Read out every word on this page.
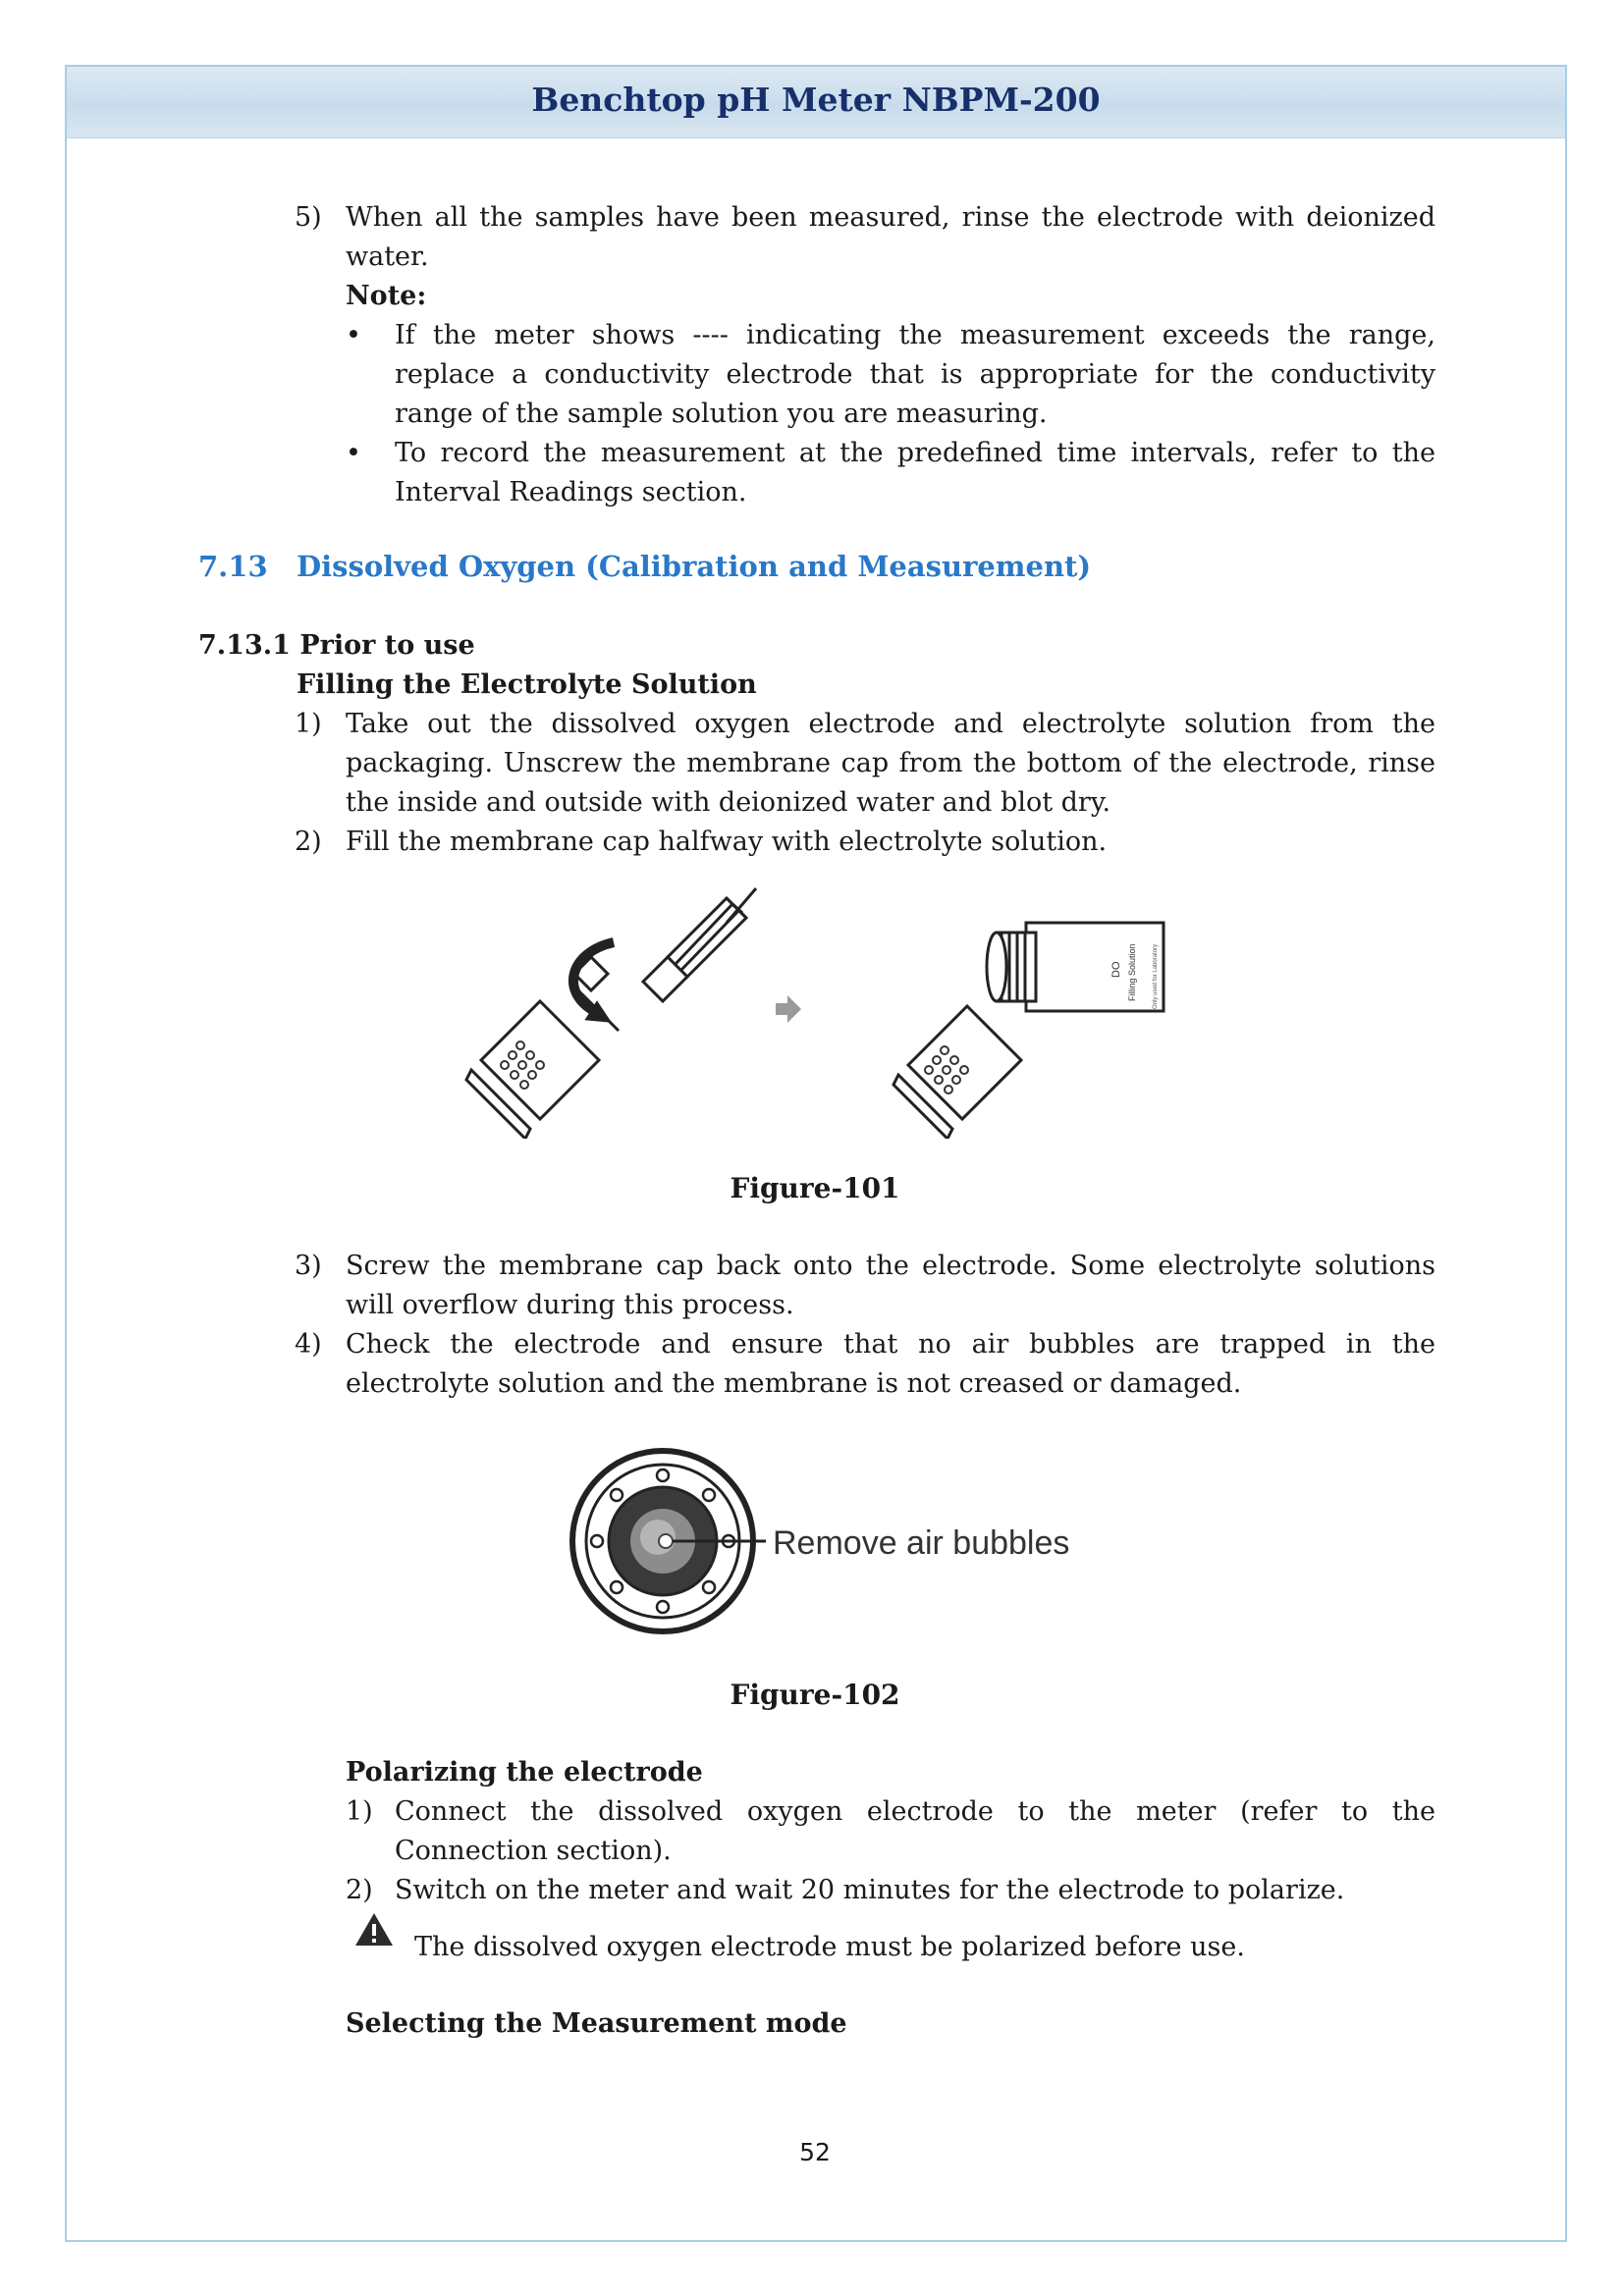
Benchtop pH Meter NBPM-200
5) When all the samples have been measured, rinse the electrode with deionized water.
Note:
• If the meter shows ---- indicating the measurement exceeds the range, replace a conductivity electrode that is appropriate for the conductivity range of the sample solution you are measuring.
• To record the measurement at the predefined time intervals, refer to the Interval Readings section.
7.13 Dissolved Oxygen (Calibration and Measurement)
7.13.1 Prior to use
Filling the Electrolyte Solution
1) Take out the dissolved oxygen electrode and electrolyte solution from the packaging. Unscrew the membrane cap from the bottom of the electrode, rinse the inside and outside with deionized water and blot dry.
2) Fill the membrane cap halfway with electrolyte solution.
DO Filling Solution	Only used for Laboratory
Figure-101
3) Screw the membrane cap back onto the electrode. Some electrolyte solutions will overflow during this process.
4) Check the electrode and ensure that no air bubbles are trapped in the electrolyte solution and the membrane is not creased or damaged.
Remove air bubbles
Figure-102
Polarizing the electrode
1) Connect the dissolved oxygen electrode to the meter (refer to the Connection section).
2) Switch on the meter and wait 20 minutes for the electrode to polarize.
The dissolved oxygen electrode must be polarized before use.
Selecting the Measurement mode
52
